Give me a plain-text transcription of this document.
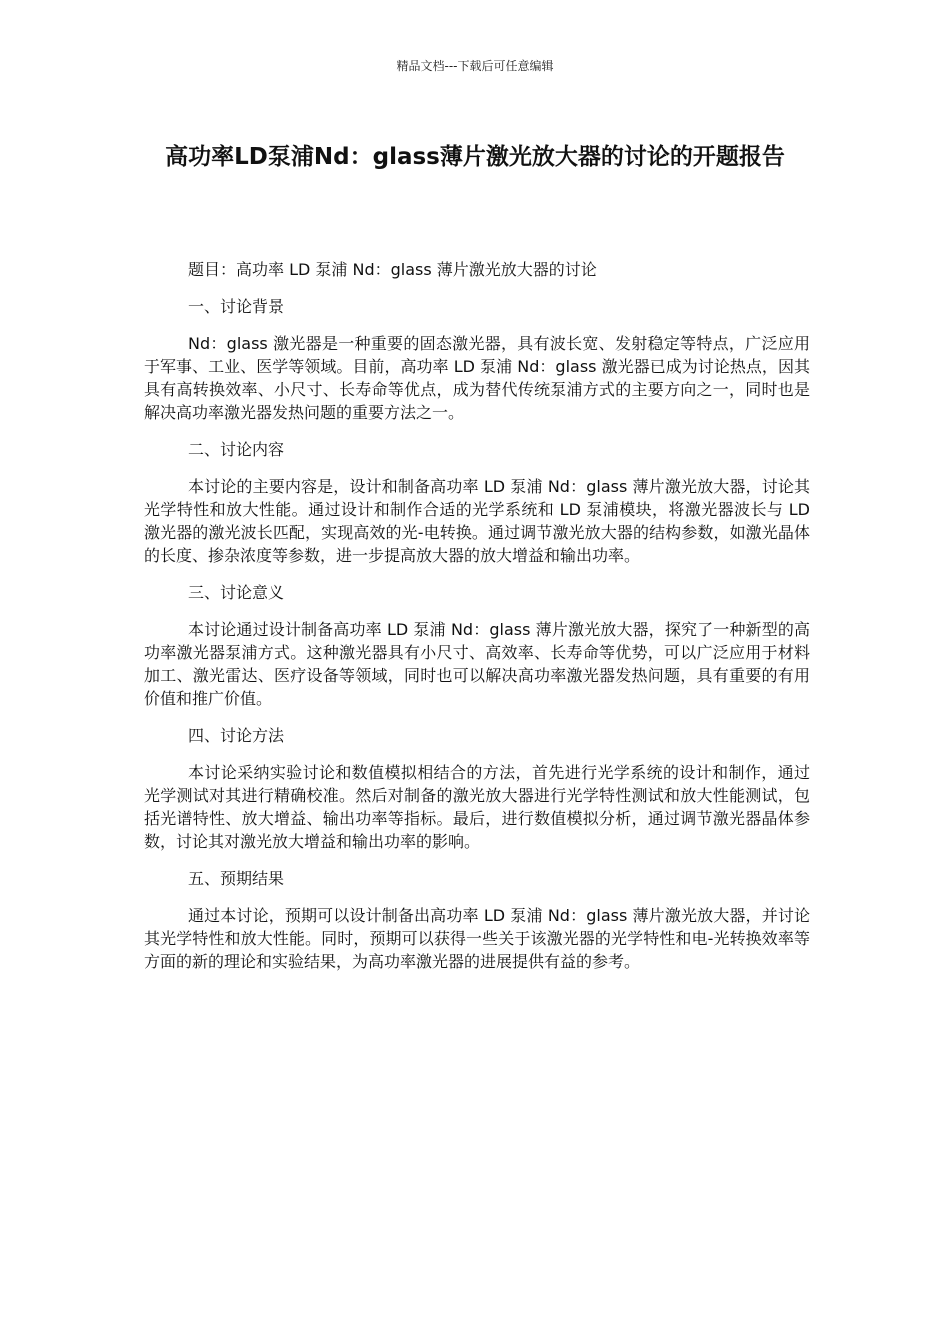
精品文档---下载后可任意编辑
高功率LD泵浦Nd：glass薄片激光放大器的讨论的开题报告
题目：高功率 LD 泵浦 Nd：glass 薄片激光放大器的讨论
一、讨论背景

Nd：glass 激光器是一种重要的固态激光器，具有波长宽、发射稳定等特点，广泛应用于军事、工业、医学等领域。目前，高功率 LD 泵浦 Nd：glass 激光器已成为讨论热点，因其具有高转换效率、小尺寸、长寿命等优点，成为替代传统泵浦方式的主要方向之一，同时也是解决高功率激光器发热问题的重要方法之一。

二、讨论内容

本讨论的主要内容是，设计和制备高功率 LD 泵浦 Nd：glass 薄片激光放大器，讨论其光学特性和放大性能。通过设计和制作合适的光学系统和 LD 泵浦模块，将激光器波长与 LD 激光器的激光波长匹配，实现高效的光-电转换。通过调节激光放大器的结构参数，如激光晶体的长度、掺杂浓度等参数，进一步提高放大器的放大增益和输出功率。

三、讨论意义

本讨论通过设计制备高功率 LD 泵浦 Nd：glass 薄片激光放大器，探究了一种新型的高功率激光器泵浦方式。这种激光器具有小尺寸、高效率、长寿命等优势，可以广泛应用于材料加工、激光雷达、医疗设备等领域，同时也可以解决高功率激光器发热问题，具有重要的有用价值和推广价值。

四、讨论方法

本讨论采纳实验讨论和数值模拟相结合的方法，首先进行光学系统的设计和制作，通过光学测试对其进行精确校准。然后对制备的激光放大器进行光学特性测试和放大性能测试，包括光谱特性、放大增益、输出功率等指标。最后，进行数值模拟分析，通过调节激光器晶体参数，讨论其对激光放大增益和输出功率的影响。

五、预期结果

通过本讨论，预期可以设计制备出高功率 LD 泵浦 Nd：glass 薄片激光放大器，并讨论其光学特性和放大性能。同时，预期可以获得一些关于该激光器的光学特性和电-光转换效率等方面的新的理论和实验结果，为高功率激光器的进展提供有益的参考。
